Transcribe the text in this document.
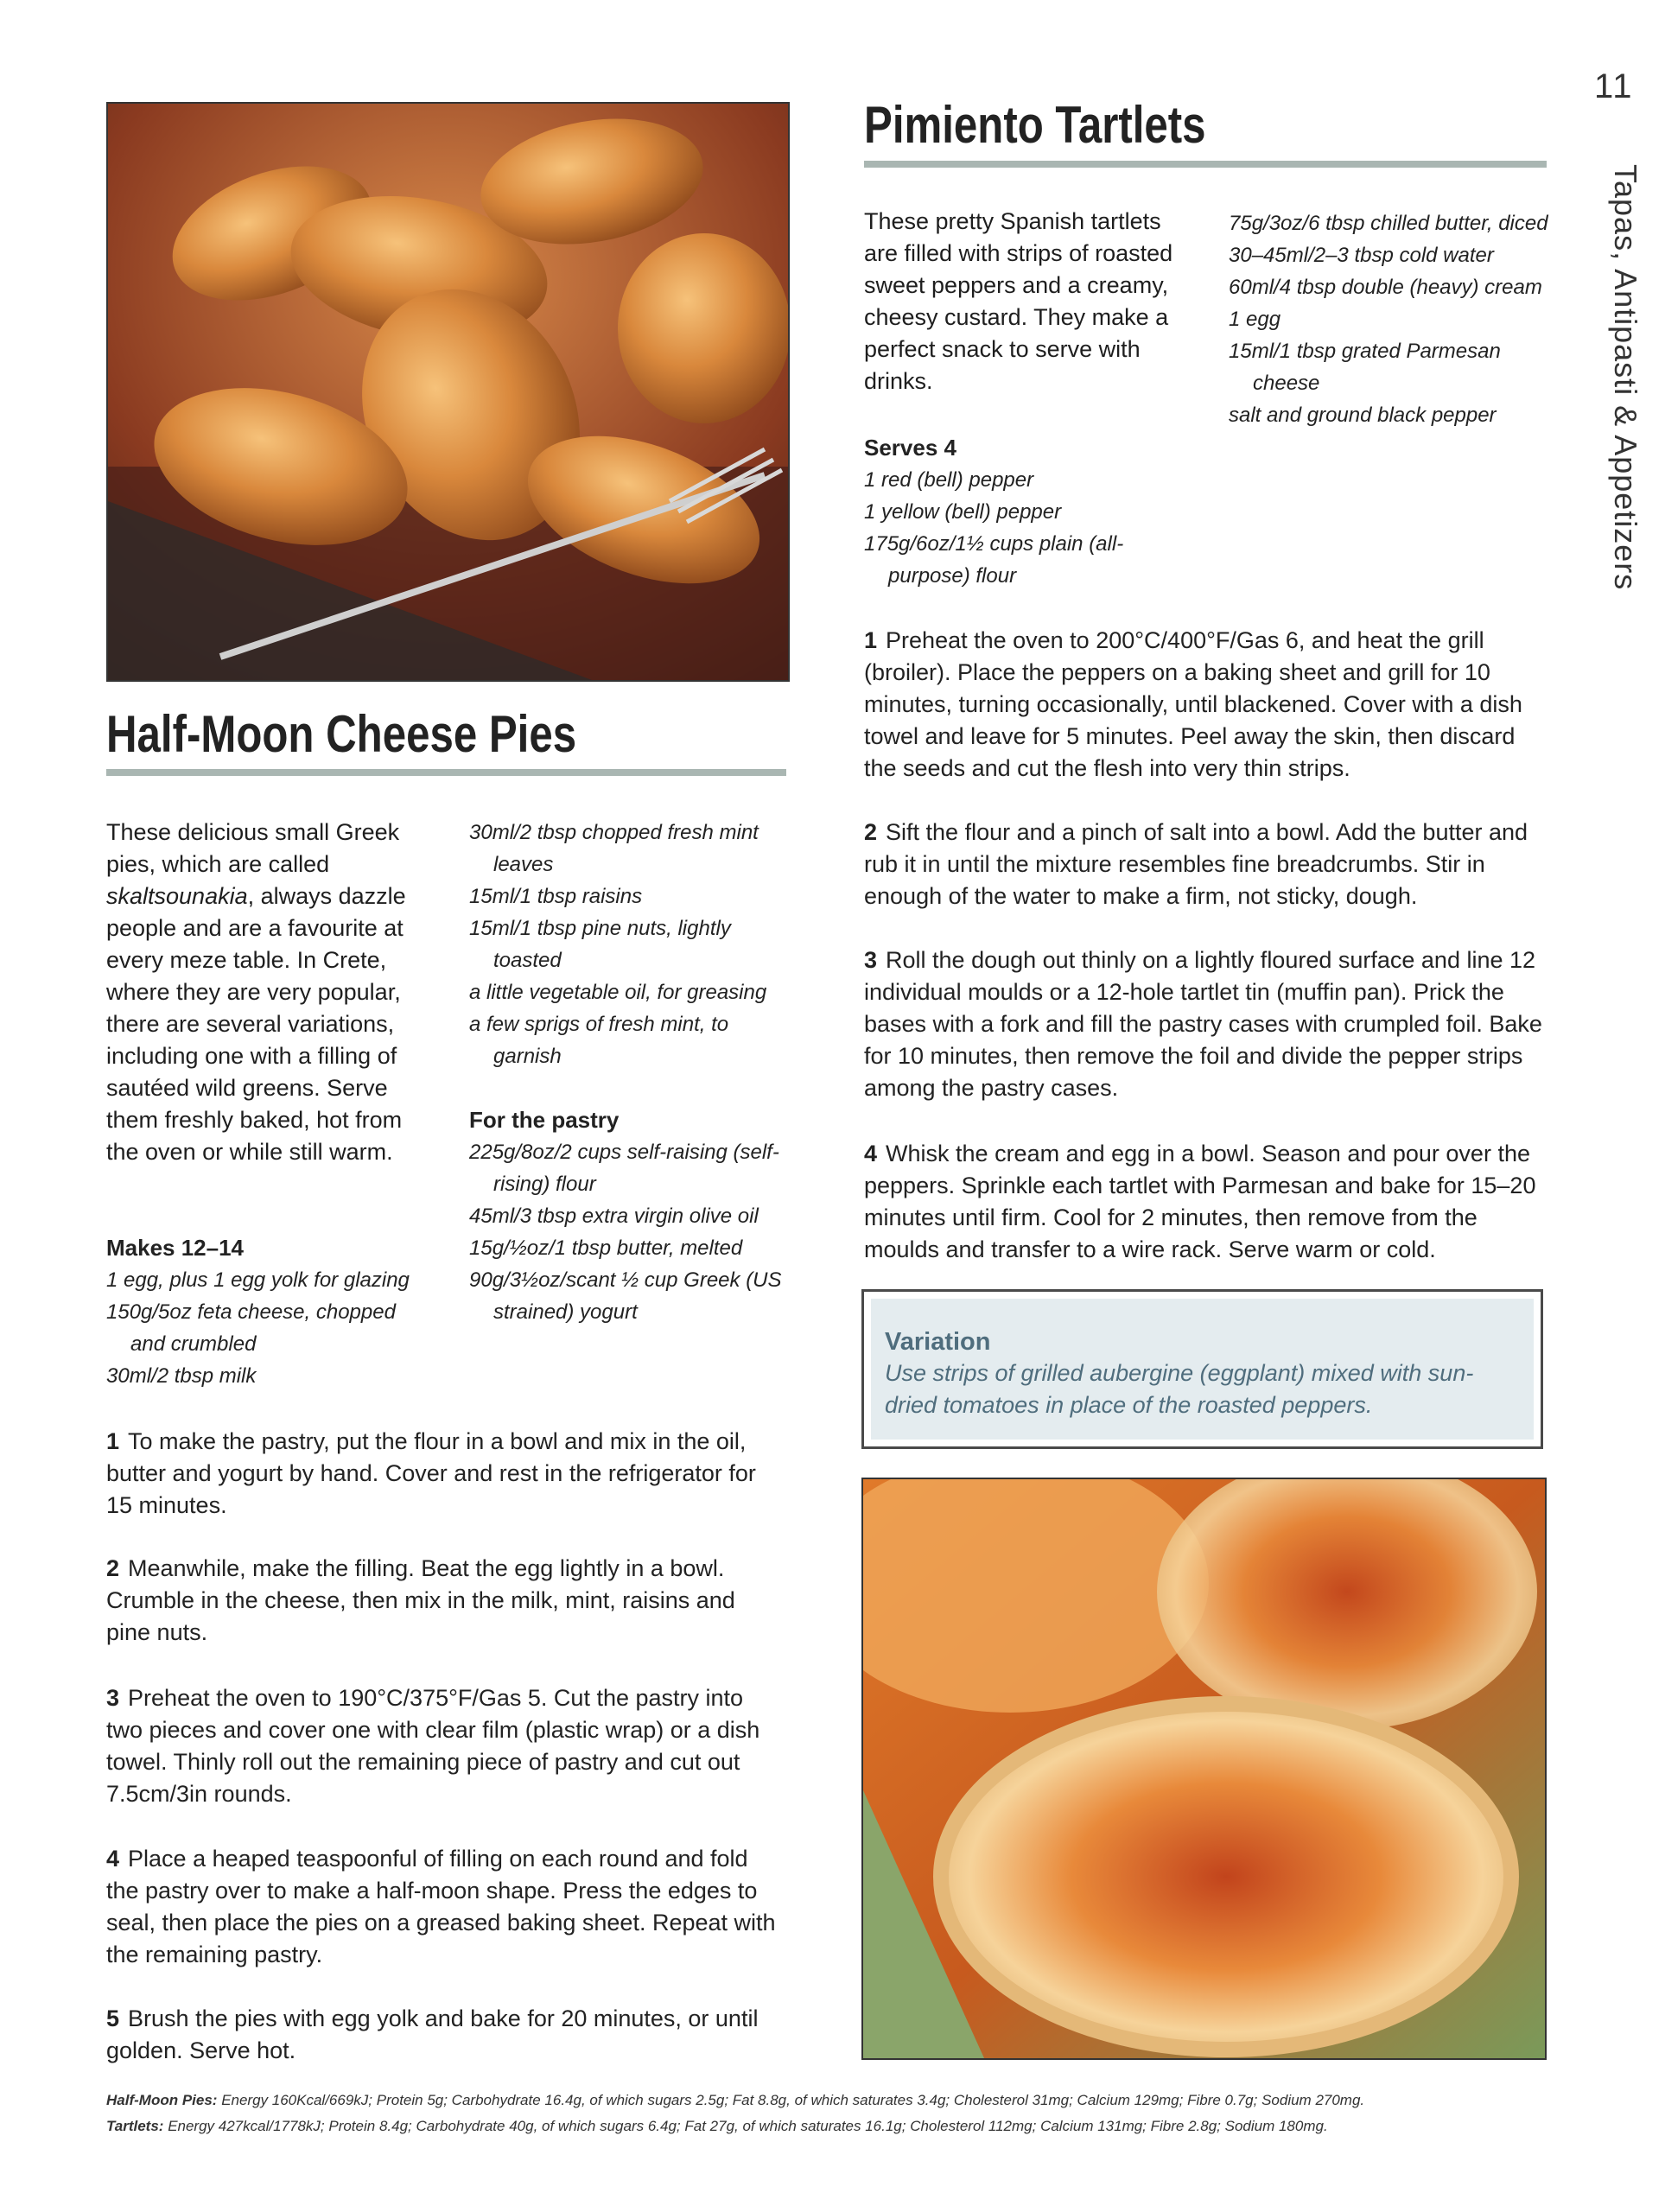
11
Tapas, Antipasti & Appetizers
Half-Moon Cheese Pies
These delicious small Greek pies, which are called skaltsounakia, always dazzle people and are a favourite at every meze table. In Crete, where they are very popular, there are several variations, including one with a filling of sautéed wild greens. Serve them freshly baked, hot from the oven or while still warm.
Makes 12–14
1 egg, plus 1 egg yolk for glazing
150g/5oz feta cheese, chopped and crumbled
30ml/2 tbsp milk
30ml/2 tbsp chopped fresh mint leaves
15ml/1 tbsp raisins
15ml/1 tbsp pine nuts, lightly toasted
a little vegetable oil, for greasing
a few sprigs of fresh mint, to garnish
For the pastry
225g/8oz/2 cups self-raising (self-rising) flour
45ml/3 tbsp extra virgin olive oil
15g/½oz/1 tbsp butter, melted
90g/3½oz/scant ½ cup Greek (US strained) yogurt
1 To make the pastry, put the flour in a bowl and mix in the oil, butter and yogurt by hand. Cover and rest in the refrigerator for 15 minutes.
2 Meanwhile, make the filling. Beat the egg lightly in a bowl. Crumble in the cheese, then mix in the milk, mint, raisins and pine nuts.
3 Preheat the oven to 190°C/375°F/Gas 5. Cut the pastry into two pieces and cover one with clear film (plastic wrap) or a dish towel. Thinly roll out the remaining piece of pastry and cut out 7.5cm/3in rounds.
4 Place a heaped teaspoonful of filling on each round and fold the pastry over to make a half-moon shape. Press the edges to seal, then place the pies on a greased baking sheet. Repeat with the remaining pastry.
5 Brush the pies with egg yolk and bake for 20 minutes, or until golden. Serve hot.
Pimiento Tartlets
These pretty Spanish tartlets are filled with strips of roasted sweet peppers and a creamy, cheesy custard. They make a perfect snack to serve with drinks.
Serves 4
1 red (bell) pepper
1 yellow (bell) pepper
175g/6oz/1½ cups plain (all-purpose) flour
75g/3oz/6 tbsp chilled butter, diced
30–45ml/2–3 tbsp cold water
60ml/4 tbsp double (heavy) cream
1 egg
15ml/1 tbsp grated Parmesan cheese
salt and ground black pepper
1 Preheat the oven to 200°C/400°F/Gas 6, and heat the grill (broiler). Place the peppers on a baking sheet and grill for 10 minutes, turning occasionally, until blackened. Cover with a dish towel and leave for 5 minutes. Peel away the skin, then discard the seeds and cut the flesh into very thin strips.
2 Sift the flour and a pinch of salt into a bowl. Add the butter and rub it in until the mixture resembles fine breadcrumbs. Stir in enough of the water to make a firm, not sticky, dough.
3 Roll the dough out thinly on a lightly floured surface and line 12 individual moulds or a 12-hole tartlet tin (muffin pan). Prick the bases with a fork and fill the pastry cases with crumpled foil. Bake for 10 minutes, then remove the foil and divide the pepper strips among the pastry cases.
4 Whisk the cream and egg in a bowl. Season and pour over the peppers. Sprinkle each tartlet with Parmesan and bake for 15–20 minutes until firm. Cool for 2 minutes, then remove from the moulds and transfer to a wire rack. Serve warm or cold.
Variation
Use strips of grilled aubergine (eggplant) mixed with sun-dried tomatoes in place of the roasted peppers.
Half-Moon Pies: Energy 160Kcal/669kJ; Protein 5g; Carbohydrate 16.4g, of which sugars 2.5g; Fat 8.8g, of which saturates 3.4g; Cholesterol 31mg; Calcium 129mg; Fibre 0.7g; Sodium 270mg.
Tartlets: Energy 427kcal/1778kJ; Protein 8.4g; Carbohydrate 40g, of which sugars 6.4g; Fat 27g, of which saturates 16.1g; Cholesterol 112mg; Calcium 131mg; Fibre 2.8g; Sodium 180mg.
